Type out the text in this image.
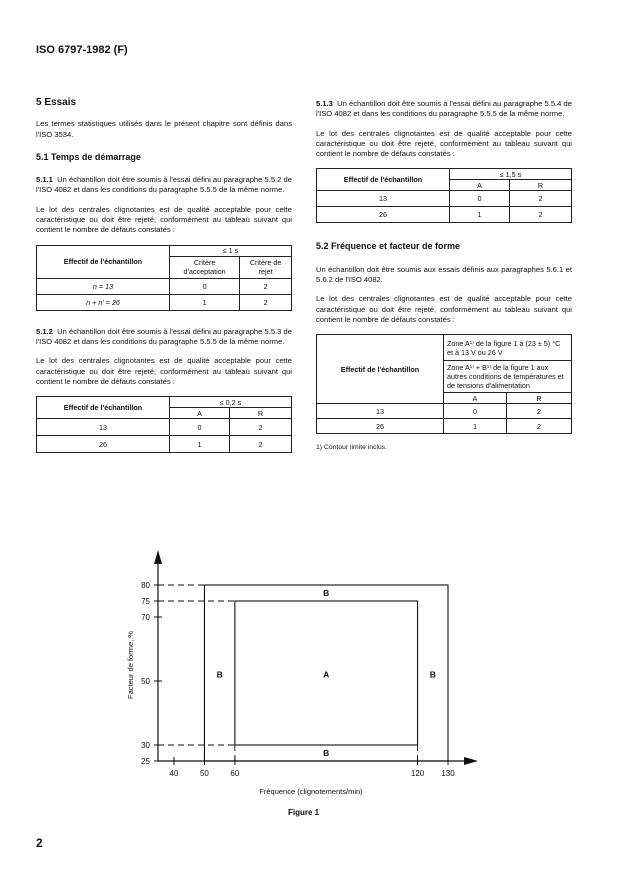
ISO 6797-1982 (F)
5 Essais

Les termes statistiques utilisés dans le présent chapitre sont définis dans l'ISO 3534.

5.1 Temps de démarrage

5.1.1 Un échantillon doit être soumis à l'essai défini au paragraphe 5.5.2 de l'ISO 4082 et dans les conditions du paragraphe 5.5.5 de la même norme.

Le lot des centrales clignotantes est de qualité acceptable pour cette caractéristique ou doit être rejeté, conformément au tableau suivant qui contient le nombre de défauts constatés :

Effectif de l'échantillon	≤ 1 s	
	Critère d'acceptation	Critère de rejet
n = 13	0	2
n + n' = 26	1	2

5.1.2 Un échantillon doit être soumis à l'essai défini au paragraphe 5.5.3 de l'ISO 4082 et dans les conditions du paragraphe 5.5.5 de la même norme.

Le lot des centrales clignotantes est de qualité acceptable pour cette caractéristique ou doit être rejeté, conformément au tableau suivant qui contient le nombre de défauts constatés :

Effectif de l'échantillon	≤ 0,2 s	
	A	R
13	0	2
26	1	2

5.1.3 Un échantillon doit être soumis à l'essai défini au paragraphe 5.5.4 de l'ISO 4082 et dans les conditions du paragraphe 5.5.5 de la même norme.

Le lot des centrales clignotantes est de qualité acceptable pour cette caractéristique ou doit être rejeté, conformément au tableau suivant qui contient le nombre de défauts constatés :

Effectif de l'échantillon	≤ 1,5 s	
	A	R
13	0	2
26	1	2
5.2 Fréquence et facteur de forme

Un échantillon doit être soumis aux essais définis aux paragraphes 5.6.1 et 5.6.2 de l'ISO 4082.

Le lot des centrales clignotantes est de qualité acceptable pour cette caractéristique ou doit être rejeté, conformément au tableau suivant qui contient le nombre de défauts constatés :

Effectif de l'échantillon	Zone A¹⁾ de la figure 1 à (23 ± 5) °C et à 13 V ou 26 V	
	Zone A¹⁾ + B¹⁾ de la figure 1 aux autres conditions de températures et de tensions d'alimentation	
	A	R
13	0	2
26	1	2
1) Contour limite inclus.
25
30
50
70
75
80
40	50	60	120 130
A
B
B
B	B
Fréquence (clignotements/min)
Facteur de forme, %
Figure 1
2
